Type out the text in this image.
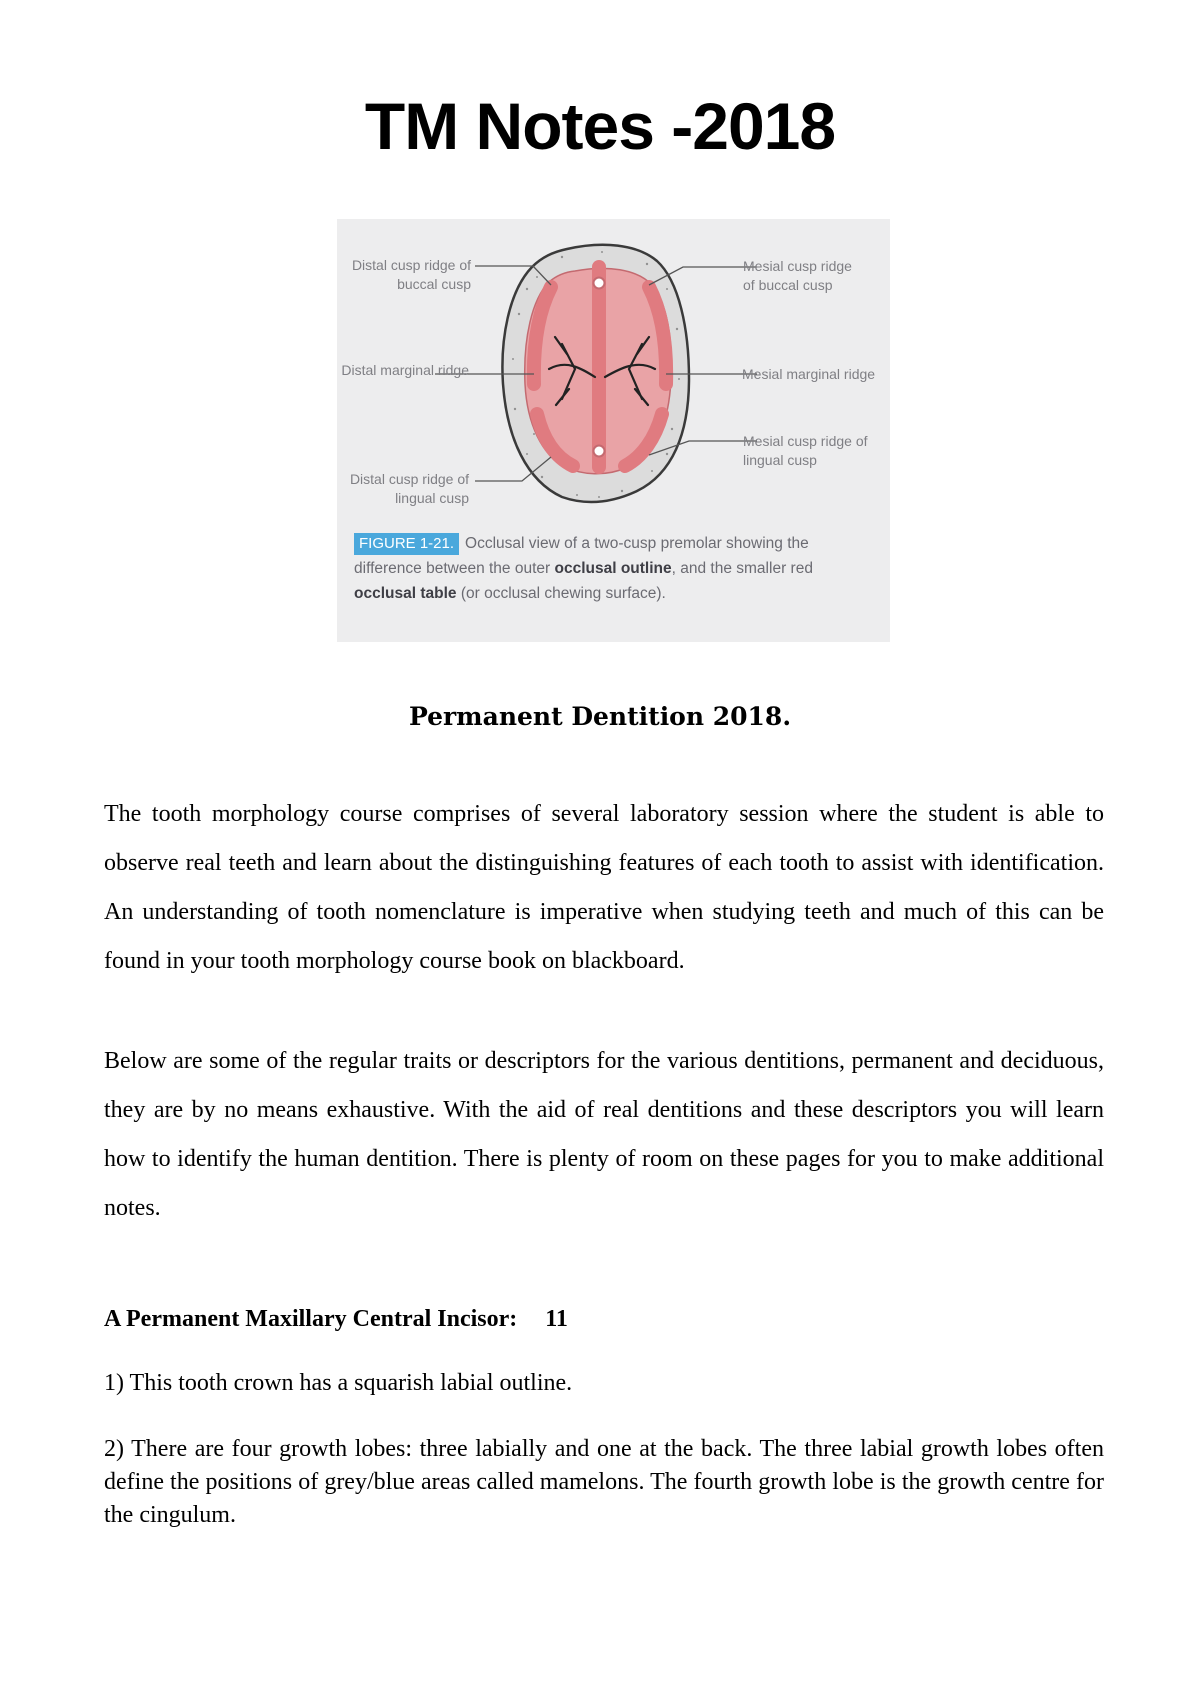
TM Notes -2018
Distal cusp ridge of buccal cusp
Mesial cusp ridge of buccal cusp
Distal marginal ridge	Mesial marginal ridge
Mesial cusp ridge of lingual cusp
Distal cusp ridge of lingual cusp
FIGURE 1-21. Occlusal view of a two-cusp premolar showing the difference between the outer occlusal outline, and the smaller red occlusal table (or occlusal chewing surface).
Permanent Dentition 2018.
The tooth morphology course comprises of several laboratory session where the student is able to observe real teeth and learn about the distinguishing features of each tooth to assist with identification. An understanding of tooth nomenclature is imperative when studying teeth and much of this can be found in your tooth morphology course book on blackboard.
Below are some of the regular traits or descriptors for the various dentitions, permanent and deciduous, they are by no means exhaustive. With the aid of real dentitions and these descriptors you will learn how to identify the human dentition. There is plenty of room on these pages for you to make additional notes.
A Permanent Maxillary Central Incisor: 11
1) This tooth crown has a squarish labial outline.
2) There are four growth lobes: three labially and one at the back. The three labial growth lobes often define the positions of grey/blue areas called mamelons. The fourth growth lobe is the growth centre for the cingulum.
